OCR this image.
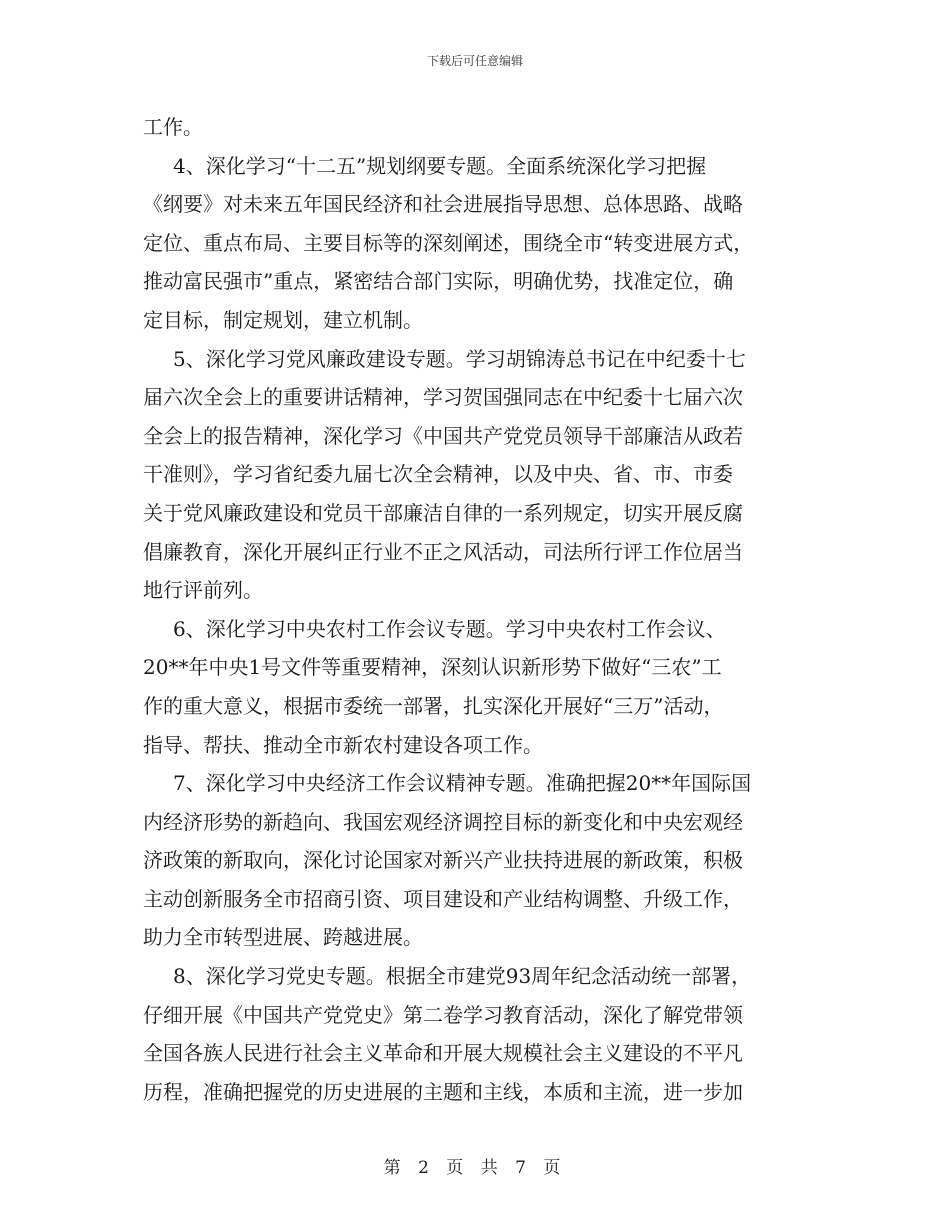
下载后可任意编辑
工作。
4、深化学习“十二五”规划纲要专题。全面系统深化学习把握
《纲要》对未来五年国民经济和社会进展指导思想、总体思路、战略
定位、重点布局、主要目标等的深刻阐述，围绕全市“转变进展方式，
推动富民强市”重点，紧密结合部门实际，明确优势，找准定位，确
定目标，制定规划，建立机制。
5、深化学习党风廉政建设专题。学习胡锦涛总书记在中纪委十七
届六次全会上的重要讲话精神，学习贺国强同志在中纪委十七届六次
全会上的报告精神，深化学习《中国共产党党员领导干部廉洁从政若
干准则》，学习省纪委九届七次全会精神，以及中央、省、市、市委
关于党风廉政建设和党员干部廉洁自律的一系列规定，切实开展反腐
倡廉教育，深化开展纠正行业不正之风活动，司法所行评工作位居当
地行评前列。
6、深化学习中央农村工作会议专题。学习中央农村工作会议、
20**年中央1号文件等重要精神，深刻认识新形势下做好“三农”工
作的重大意义，根据市委统一部署，扎实深化开展好“三万”活动，
指导、帮扶、推动全市新农村建设各项工作。
7、深化学习中央经济工作会议精神专题。准确把握20**年国际国
内经济形势的新趋向、我国宏观经济调控目标的新变化和中央宏观经
济政策的新取向，深化讨论国家对新兴产业扶持进展的新政策，积极
主动创新服务全市招商引资、项目建设和产业结构调整、升级工作，
助力全市转型进展、跨越进展。
8、深化学习党史专题。根据全市建党93周年纪念活动统一部署，
仔细开展《中国共产党党史》第二卷学习教育活动，深化了解党带领
全国各族人民进行社会主义革命和开展大规模社会主义建设的不平凡
历程，准确把握党的历史进展的主题和主线，本质和主流，进一步加
第 2 页 共 7 页
